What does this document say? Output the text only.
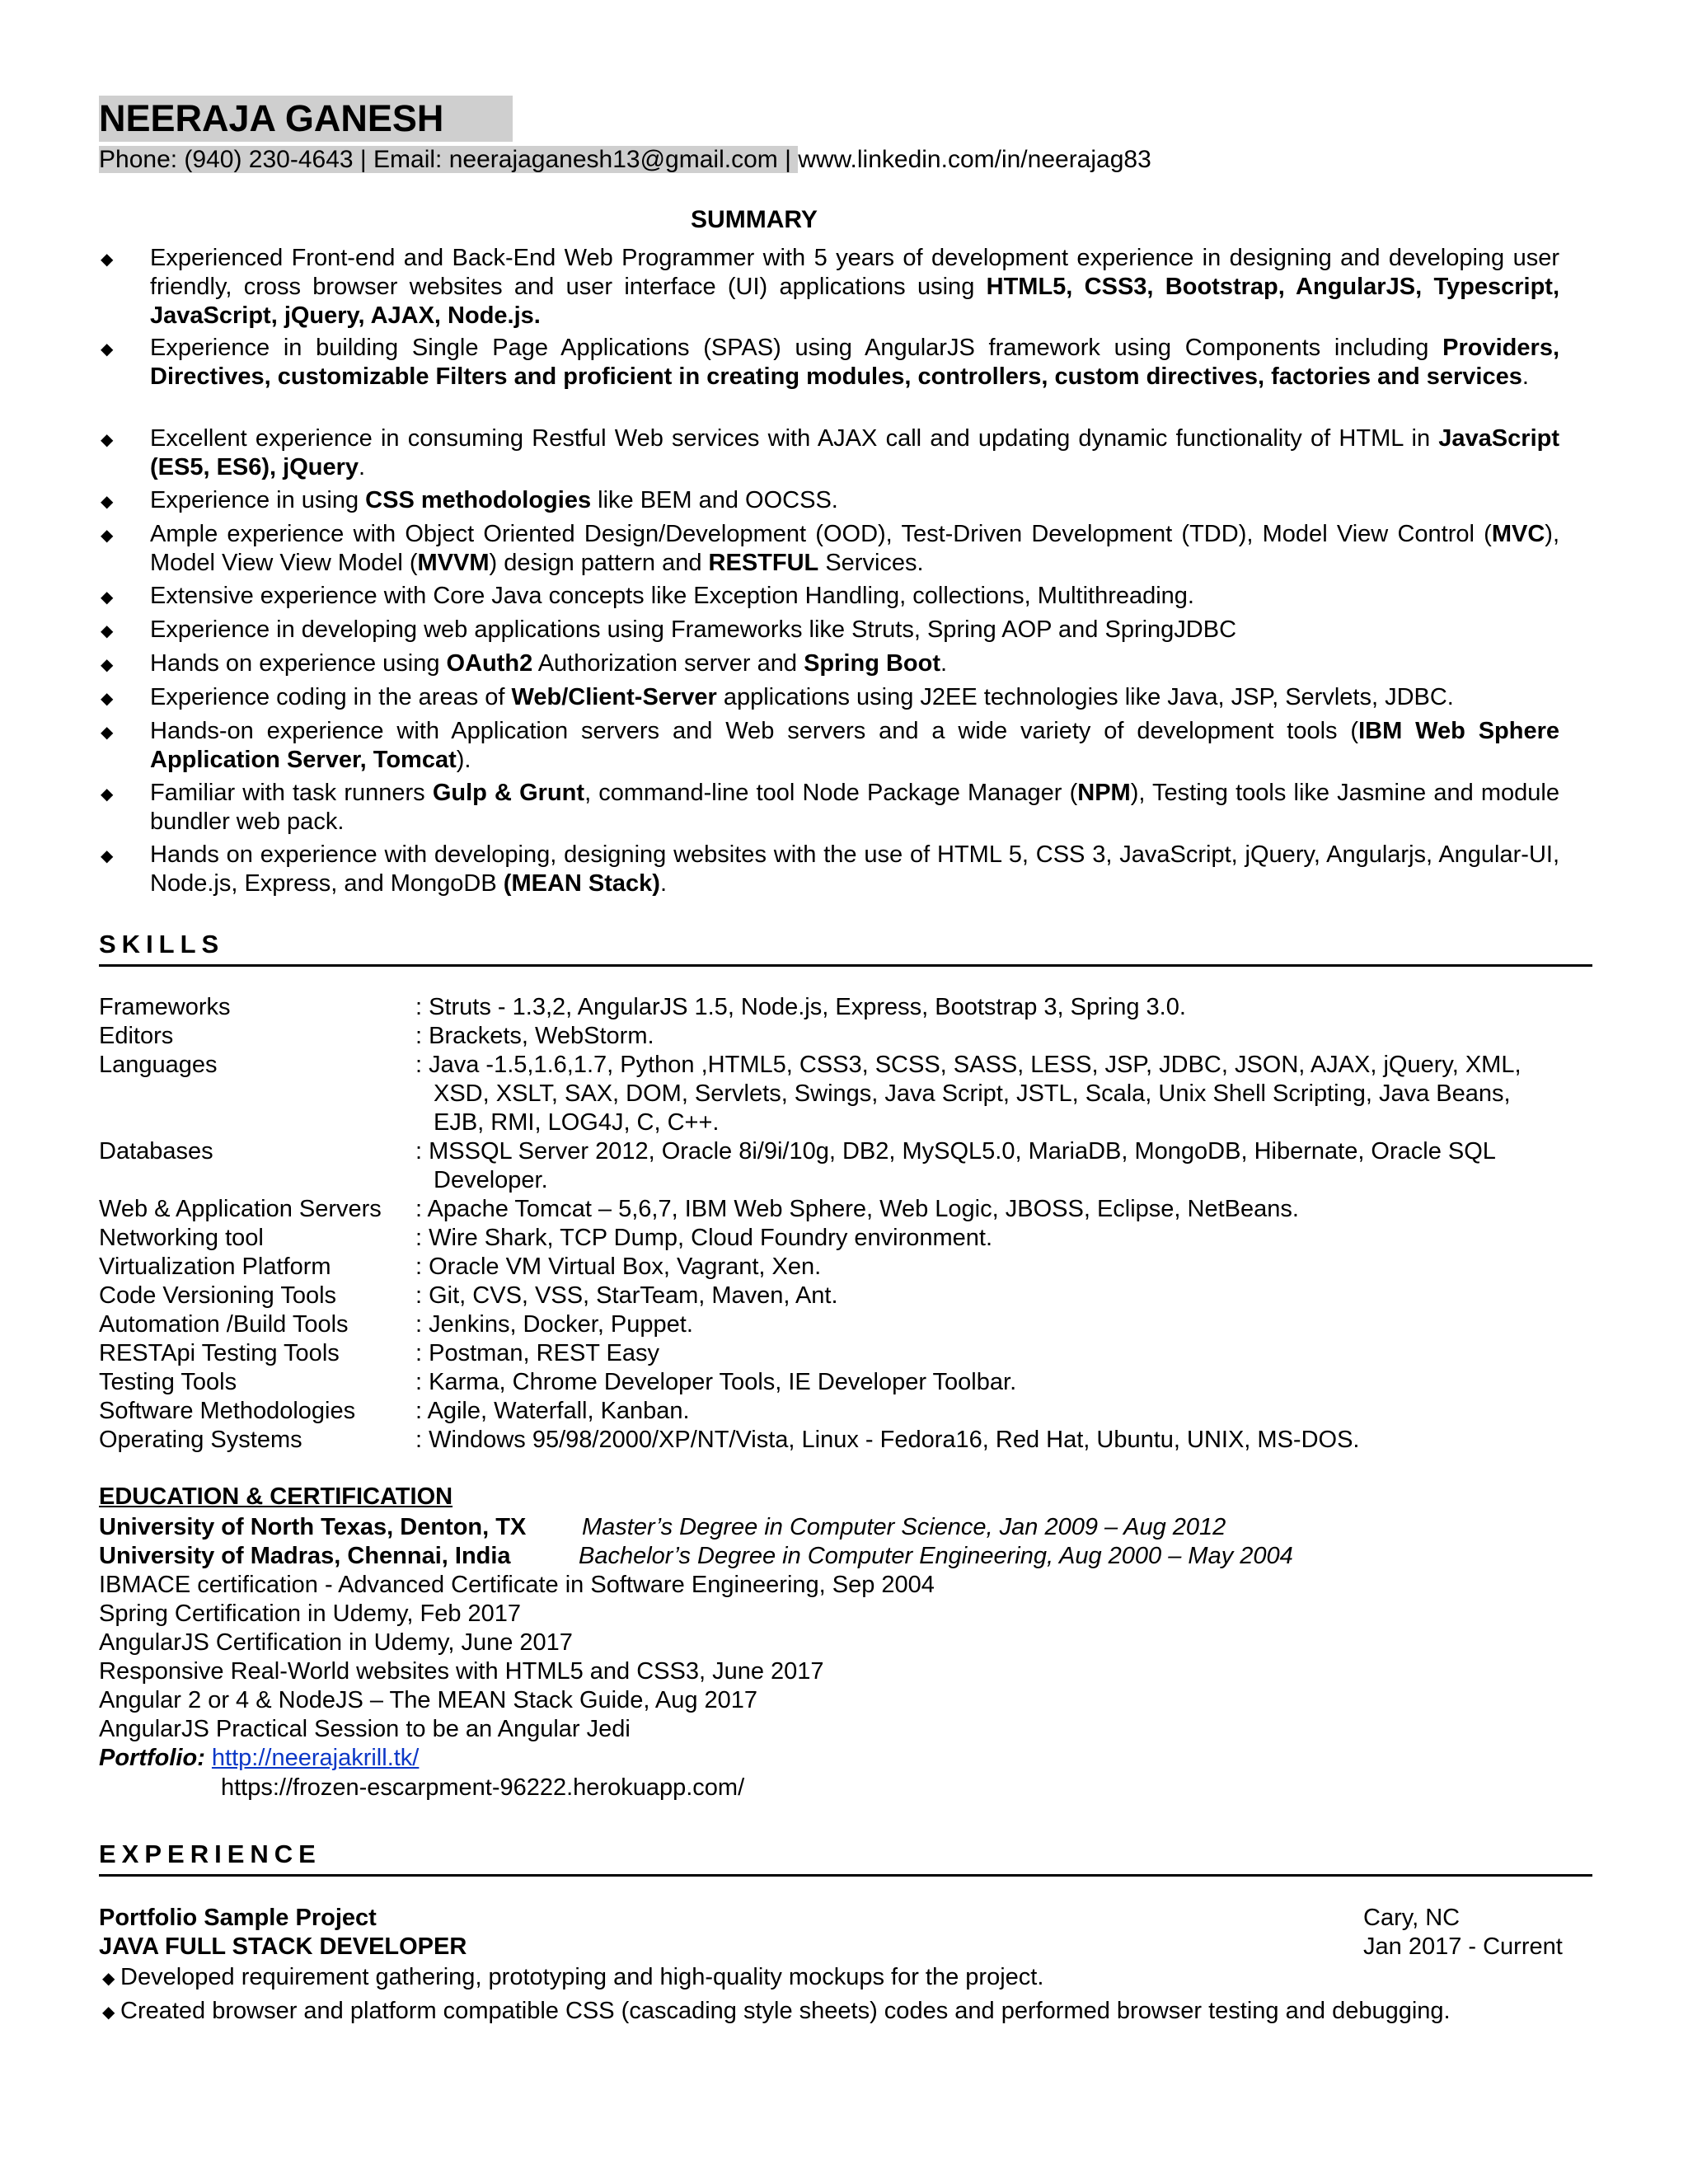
NEERAJA GANESH
Phone: (940) 230-4643 | Email: neerajaganesh13@gmail.com | www.linkedin.com/in/neerajag83
SUMMARY
◆ Experienced Front-end and Back-End Web Programmer with 5 years of development experience in designing and developing user friendly, cross browser websites and user interface (UI) applications using HTML5, CSS3, Bootstrap, AngularJS, Typescript, JavaScript, jQuery, AJAX, Node.js.
◆ Experience in building Single Page Applications (SPAS) using AngularJS framework using Components including Providers, Directives, customizable Filters and proficient in creating modules, controllers, custom directives, factories and services.
◆ Excellent experience in consuming Restful Web services with AJAX call and updating dynamic functionality of HTML in JavaScript (ES5, ES6), jQuery.
◆ Experience in using CSS methodologies like BEM and OOCSS.
◆ Ample experience with Object Oriented Design/Development (OOD), Test-Driven Development (TDD), Model View Control (MVC), Model View View Model (MVVM) design pattern and RESTFUL Services.
◆ Extensive experience with Core Java concepts like Exception Handling, collections, Multithreading.
◆ Experience in developing web applications using Frameworks like Struts, Spring AOP and SpringJDBC
◆ Hands on experience using OAuth2 Authorization server and Spring Boot.
◆ Experience coding in the areas of Web/Client-Server applications using J2EE technologies like Java, JSP, Servlets, JDBC.
◆ Hands-on experience with Application servers and Web servers and a wide variety of development tools (IBM Web Sphere Application Server, Tomcat).
◆ Familiar with task runners Gulp & Grunt, command-line tool Node Package Manager (NPM), Testing tools like Jasmine and module bundler web pack.
◆ Hands on experience with developing, designing websites with the use of HTML 5, CSS 3, JavaScript, jQuery, Angularjs, Angular-UI, Node.js, Express, and MongoDB (MEAN Stack).
SKILLS
Frameworks	: Struts - 1.3,2, AngularJS 1.5, Node.js, Express, Bootstrap 3, Spring 3.0.
Editors	: Brackets, WebStorm.
Languages	: Java -1.5,1.6,1.7, Python ,HTML5, CSS3, SCSS, SASS, LESS, JSP, JDBC, JSON, AJAX, jQuery, XML,
XSD, XSLT, SAX, DOM, Servlets, Swings, Java Script, JSTL, Scala, Unix Shell Scripting, Java Beans,
EJB, RMI, LOG4J, C, C++.
Databases	: MSSQL Server 2012, Oracle 8i/9i/10g, DB2, MySQL5.0, MariaDB, MongoDB, Hibernate, Oracle SQL
Developer.
Web & Application Servers : Apache Tomcat – 5,6,7, IBM Web Sphere, Web Logic, JBOSS, Eclipse, NetBeans.
Networking tool	: Wire Shark, TCP Dump, Cloud Foundry environment.
Virtualization Platform	: Oracle VM Virtual Box, Vagrant, Xen.
Code Versioning Tools	: Git, CVS, VSS, StarTeam, Maven, Ant.
Automation /Build Tools	: Jenkins, Docker, Puppet.
RESTApi Testing Tools	: Postman, REST Easy
Testing Tools	: Karma, Chrome Developer Tools, IE Developer Toolbar.
Software Methodologies	: Agile, Waterfall, Kanban.
Operating Systems	: Windows 95/98/2000/XP/NT/Vista, Linux - Fedora16, Red Hat, Ubuntu, UNIX, MS-DOS.
EDUCATION & CERTIFICATION
University of North Texas, Denton, TX Master’s Degree in Computer Science, Jan 2009 – Aug 2012
University of Madras, Chennai, India	Bachelor’s Degree in Computer Engineering, Aug 2000 – May 2004
IBMACE certification - Advanced Certificate in Software Engineering, Sep 2004
Spring Certification in Udemy, Feb 2017
AngularJS Certification in Udemy, June 2017
Responsive Real-World websites with HTML5 and CSS3, June 2017
Angular 2 or 4 & NodeJS – The MEAN Stack Guide, Aug 2017
AngularJS Practical Session to be an Angular Jedi
Portfolio: http://neerajakrill.tk/
https://frozen-escarpment-96222.herokuapp.com/
EXPERIENCE
Portfolio Sample Project	Cary, NC
JAVA FULL STACK DEVELOPER	Jan 2017 - Current
◆ Developed requirement gathering, prototyping and high-quality mockups for the project.
◆ Created browser and platform compatible CSS (cascading style sheets) codes and performed browser testing and debugging.
